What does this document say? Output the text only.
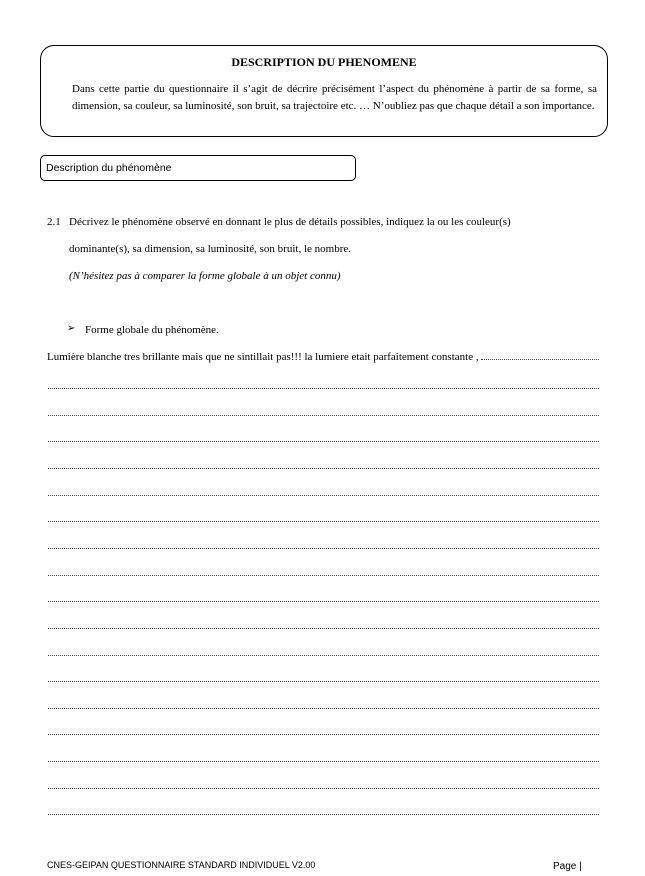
DESCRIPTION DU PHENOMENE
Dans cette partie du questionnaire il s’agit de décrire précisément l’aspect du phénomène à partir de sa forme, sa dimension, sa couleur, sa luminosité, son bruit, sa trajectoire etc. … N’oubliez pas que chaque détail a son importance.
Description du phénomène
2.1 Décrivez le phénomène observé en donnant le plus de détails possibles, indiquez la ou les couleur(s)
dominante(s), sa dimension, sa luminosité, son bruit, le nombre.
(N’hésitez pas à comparer la forme globale à un objet connu)
➢ Forme globale du phénomène.
Lumière blanche tres brillante mais que ne sintillait pas!!! la lumiere etait parfaitement constante ,
CNES-GEIPAN QUESTIONNAIRE STANDARD INDIVIDUEL V2.00	Page |
